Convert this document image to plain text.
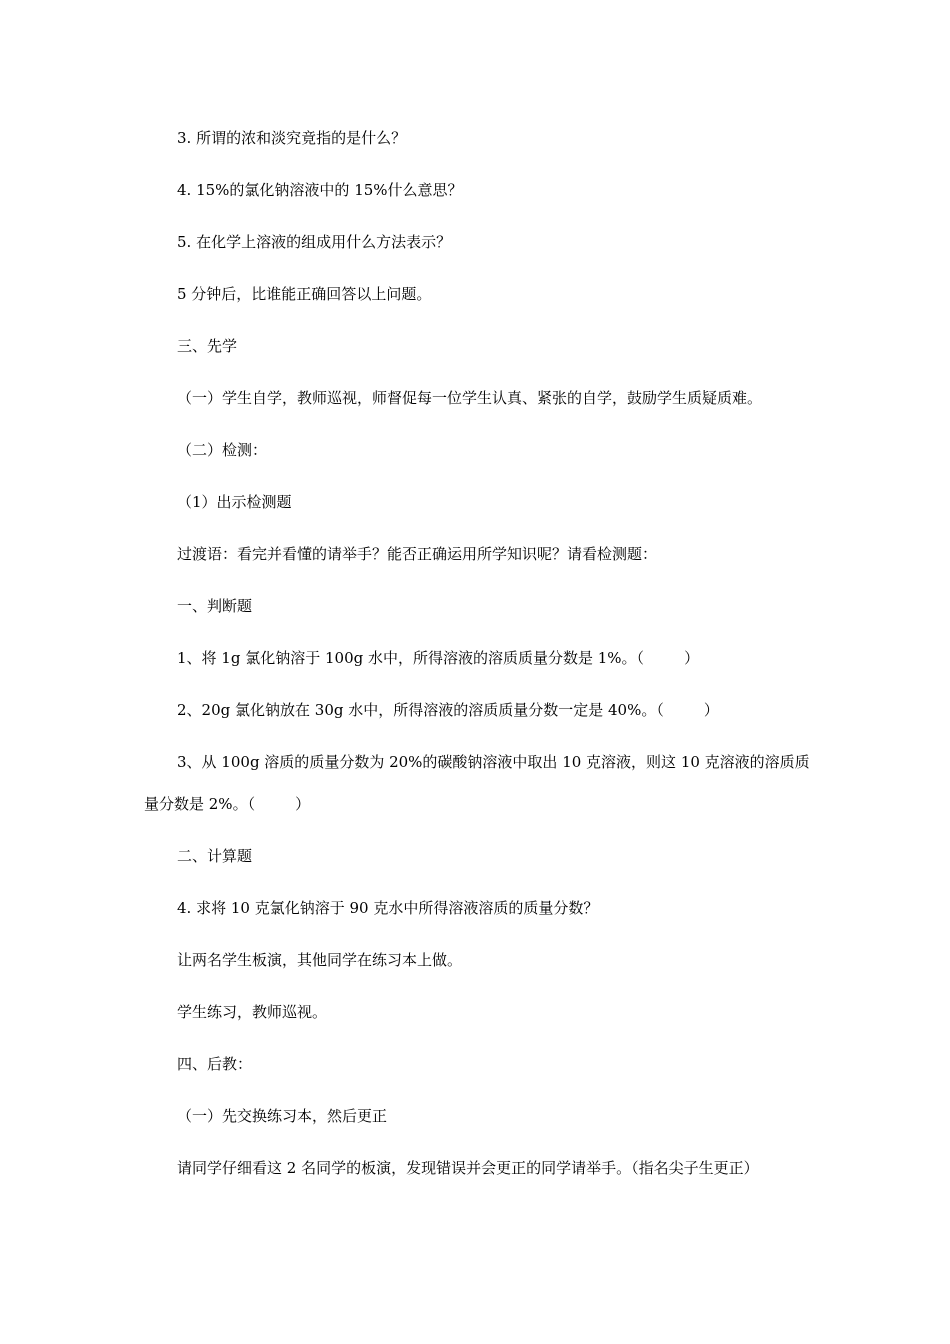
3. 所谓的浓和淡究竟指的是什么？
4. 15%的氯化钠溶液中的 15%什么意思？
5. 在化学上溶液的组成用什么方法表示？
5 分钟后，比谁能正确回答以上问题。
三、先学
（一）学生自学，教师巡视，师督促每一位学生认真、紧张的自学，鼓励学生质疑质难。
（二）检测：
（1）出示检测题
过渡语：看完并看懂的请举手？能否正确运用所学知识呢？请看检测题：
一、判断题
1、将 1g 氯化钠溶于 100g 水中，所得溶液的溶质质量分数是 1%。（	）
2、20g 氯化钠放在 30g 水中，所得溶液的溶质质量分数一定是 40%。（	）
3、从 100g 溶质的质量分数为 20%的碳酸钠溶液中取出 10 克溶液，则这 10 克溶液的溶质质
量分数是 2%。（	）
二、计算题
4. 求将 10 克氯化钠溶于 90 克水中所得溶液溶质的质量分数？
让两名学生板演，其他同学在练习本上做。
学生练习，教师巡视。
四、后教：
（一）先交换练习本，然后更正
请同学仔细看这 2 名同学的板演，发现错误并会更正的同学请举手。（指名尖子生更正）
